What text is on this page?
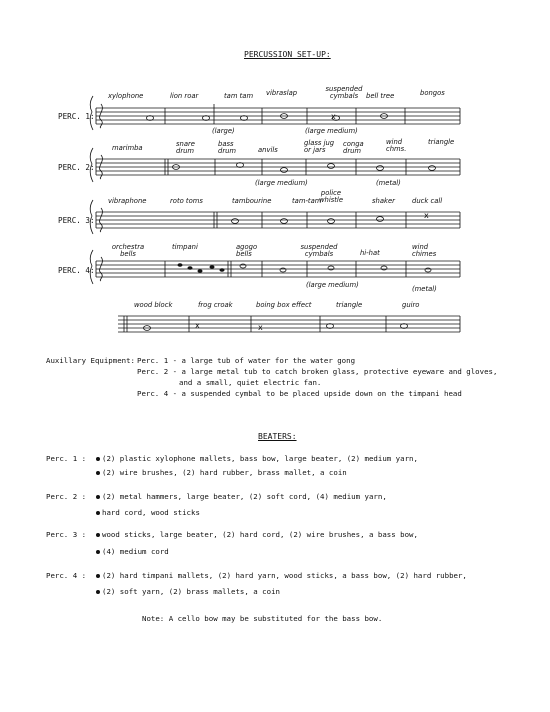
PERCUSSION SET-UP:
x	x
x
x
PERC. 1:
PERC. 2:
PERC. 3:
PERC. 4:
xylophone	lion roar	tam tam vibraslap	suspended cymbals	bell tree	bongos
(large)	(large medium)
marimba	snare drum
bass drum	anvils
glass jug or jars
conga drum
wind chms.
triangle
(large medium)	(metal)
vibraphone	roto toms	tambourine	tam-tam
police whistle	shaker	duck call
orchestra bells
timpani	agogo bells
suspended cymbals	hi-hat
wind chimes
(large medium)	(metal)
wood block	frog croak	boing box effect	triangle	guiro
Auxillary Equipment: Perc. 1 - a large tub of water for the water gong
Perc. 2 - a large metal tub to catch broken glass, protective eyeware and gloves,
and a small, quiet electric fan.
Perc. 4 - a suspended cymbal to be placed upside down on the timpani head
BEATERS:
Perc. 1 :	(2) plastic xylophone mallets, bass bow, large beater, (2) medium yarn,
(2) wire brushes, (2) hard rubber, brass mallet, a coin
Perc. 2 :	(2) metal hammers, large beater, (2) soft cord, (4) medium yarn,
hard cord, wood sticks
Perc. 3 :	wood sticks, large beater, (2) hard cord, (2) wire brushes, a bass bow,
(4) medium cord
Perc. 4 :	(2) hard timpani mallets, (2) hard yarn, wood sticks, a bass bow, (2) hard rubber,
(2) soft yarn, (2) brass mallets, a coin
Note: A cello bow may be substituted for the bass bow.
